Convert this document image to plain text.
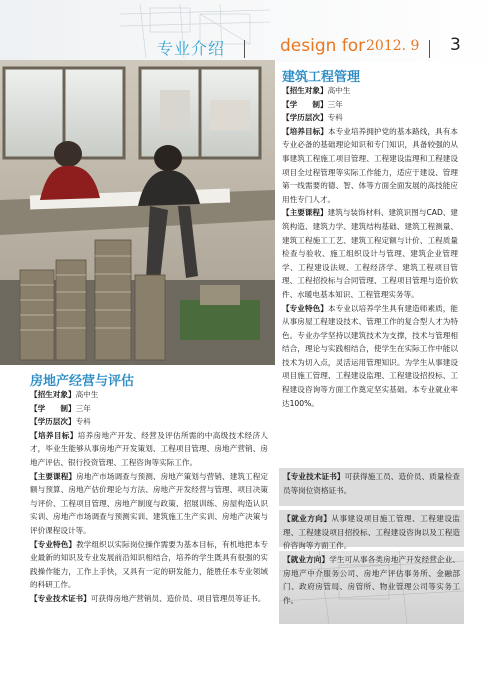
专业介绍	design for 2012. 9 3
房地产经营与评估

【招生对象】高中生

【学　　制】三年

【学历层次】专科

【培养目标】培养房地产开发、经营及评估所需的中高级技术经济人才，毕业生能够从事房地产开发策划、工程项目管理、房地产营销、房地产评估、银行投资管理、工程咨询等实际工作。

【主要课程】房地产市场调查与预测、房地产策划与营销、建筑工程定额与预算、房地产估价理论与方法、房地产开发经营与管理、项目决策与评价、工程项目管理、房地产制度与政策、招展训练、房屋构造认识实训、房地产市场调查与预测实训、建筑施工生产实训、房地产决策与评价课程设计等。

【专业特色】教学组织以实际岗位操作需要为基本目标，有机地把本专业最新的知识及专业发展前沿知识相结合，培养的学生既具有很强的实践操作能力，工作上手快，又具有一定的研发能力，能胜任本专业领域的科研工作。

【专业技术证书】可获得房地产营销员、造价员、项目管理员等证书。

建筑工程管理

【招生对象】高中生

【学　　制】三年

【学历层次】专科

【培养目标】本专业培养拥护党的基本路线，具有本专业必备的基础理论知识和专门知识，具备较强的从事建筑工程施工项目管理、工程建设监理和工程建设项目全过程管理等实际工作能力，适应于建设、管理第一线需要的德、智、体等方面全面发展的高技能应用性专门人才。

【主要课程】建筑与装饰材料、建筑识图与CAD、建筑构造、建筑力学、建筑结构基础、建筑工程测量、建筑工程施工工艺、建筑工程定额与计价、工程质量检查与验收、施工组织设计与管理、建筑企业管理学、工程建设法规、工程经济学、建筑工程项目管理、工程招投标与合同管理、工程项目管理与造价软件、水暖电基本知识、工程管理实务等。

【专业特色】本专业以培养学生具有建造师素质，能从事房屋工程建设技术、管理工作的复合型人才为特色。专业办学坚持以建筑技术为支撑，技术与管理相结合，理论与实践相结合，使学生在实际工作中能以技术为切入点，灵活运用管理知识。为学生从事建设项目施工管理、工程建设监理、工程建设招投标、工程建设咨询等方面工作奠定坚实基础。本专业就业率达100%。

【专业技术证书】可获得施工员、造价员、质量检查员等岗位资格证书。

【就业方向】从事建设项目施工管理、工程建设监理、工程建设项目招投标、工程建设咨询以及工程造价咨询等方面工作。

【就业方向】学生可从事各类房地产开发经营企业、房地产中介服务公司、房地产评估事务所、金融部门、政府房管局、房管所、物业管理公司等实务工作。
